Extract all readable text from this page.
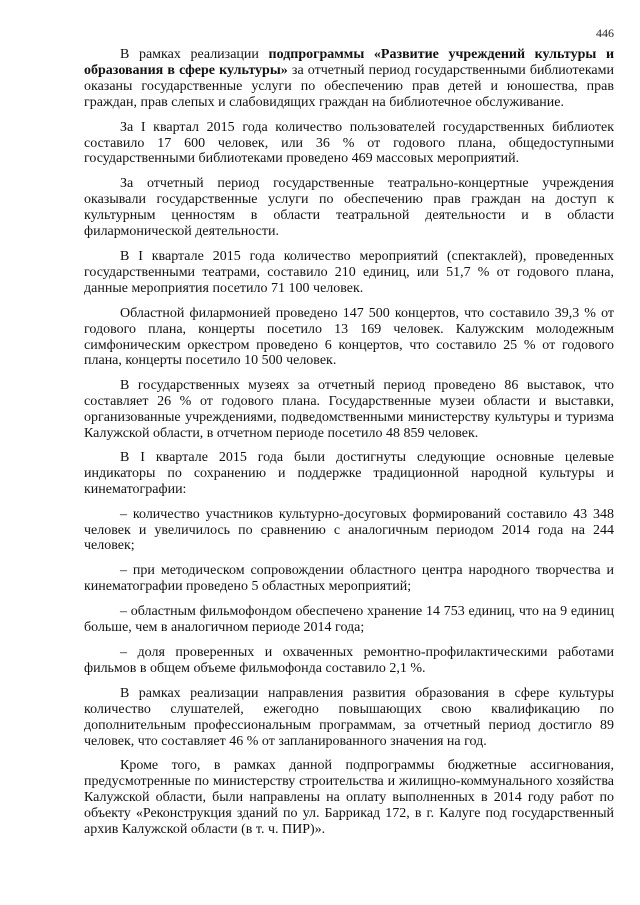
446

В рамках реализации подпрограммы «Развитие учреждений культуры и образования в сфере культуры» за отчетный период государственными библиотеками оказаны государственные услуги по обеспечению прав детей и юношества, прав граждан, прав слепых и слабовидящих граждан на библиотечное обслуживание.

За I квартал 2015 года количество пользователей государственных библиотек составило 17 600 человек, или 36 % от годового плана, общедоступными государственными библиотеками проведено 469 массовых мероприятий.

За отчетный период государственные театрально-концертные учреждения оказывали государственные услуги по обеспечению прав граждан на доступ к культурным ценностям в области театральной деятельности и в области филармонической деятельности.

В I квартале 2015 года количество мероприятий (спектаклей), проведенных государственными театрами, составило 210 единиц, или 51,7 % от годового плана, данные мероприятия посетило 71 100 человек.

Областной филармонией проведено 147 500 концертов, что составило 39,3 % от годового плана, концерты посетило 13 169 человек. Калужским молодежным симфоническим оркестром проведено 6 концертов, что составило 25 % от годового плана, концерты посетило 10 500 человек.

В государственных музеях за отчетный период проведено 86 выставок, что составляет 26 % от годового плана. Государственные музеи области и выставки, организованные учреждениями, подведомственными министерству культуры и туризма Калужской области, в отчетном периоде посетило 48 859 человек.

В I квартале 2015 года были достигнуты следующие основные целевые индикаторы по сохранению и поддержке традиционной народной культуры и кинематографии:

– количество участников культурно-досуговых формирований составило 43 348 человек и увеличилось по сравнению с аналогичным периодом 2014 года на 244 человек;

– при методическом сопровождении областного центра народного творчества и кинематографии проведено 5 областных мероприятий;

– областным фильмофондом обеспечено хранение 14 753 единиц, что на 9 единиц больше, чем в аналогичном периоде 2014 года;

– доля проверенных и охваченных ремонтно-профилактическими работами фильмов в общем объеме фильмофонда составило 2,1 %.

В рамках реализации направления развития образования в сфере культуры количество слушателей, ежегодно повышающих свою квалификацию по дополнительным профессиональным программам, за отчетный период достигло 89 человек, что составляет 46 % от запланированного значения на год.

Кроме того, в рамках данной подпрограммы бюджетные ассигнования, предусмотренные по министерству строительства и жилищно-коммунального хозяйства Калужской области, были направлены на оплату выполненных в 2014 году работ по объекту «Реконструкция зданий по ул. Баррикад 172, в г. Калуге под государственный архив Калужской области (в т. ч. ПИР)».
